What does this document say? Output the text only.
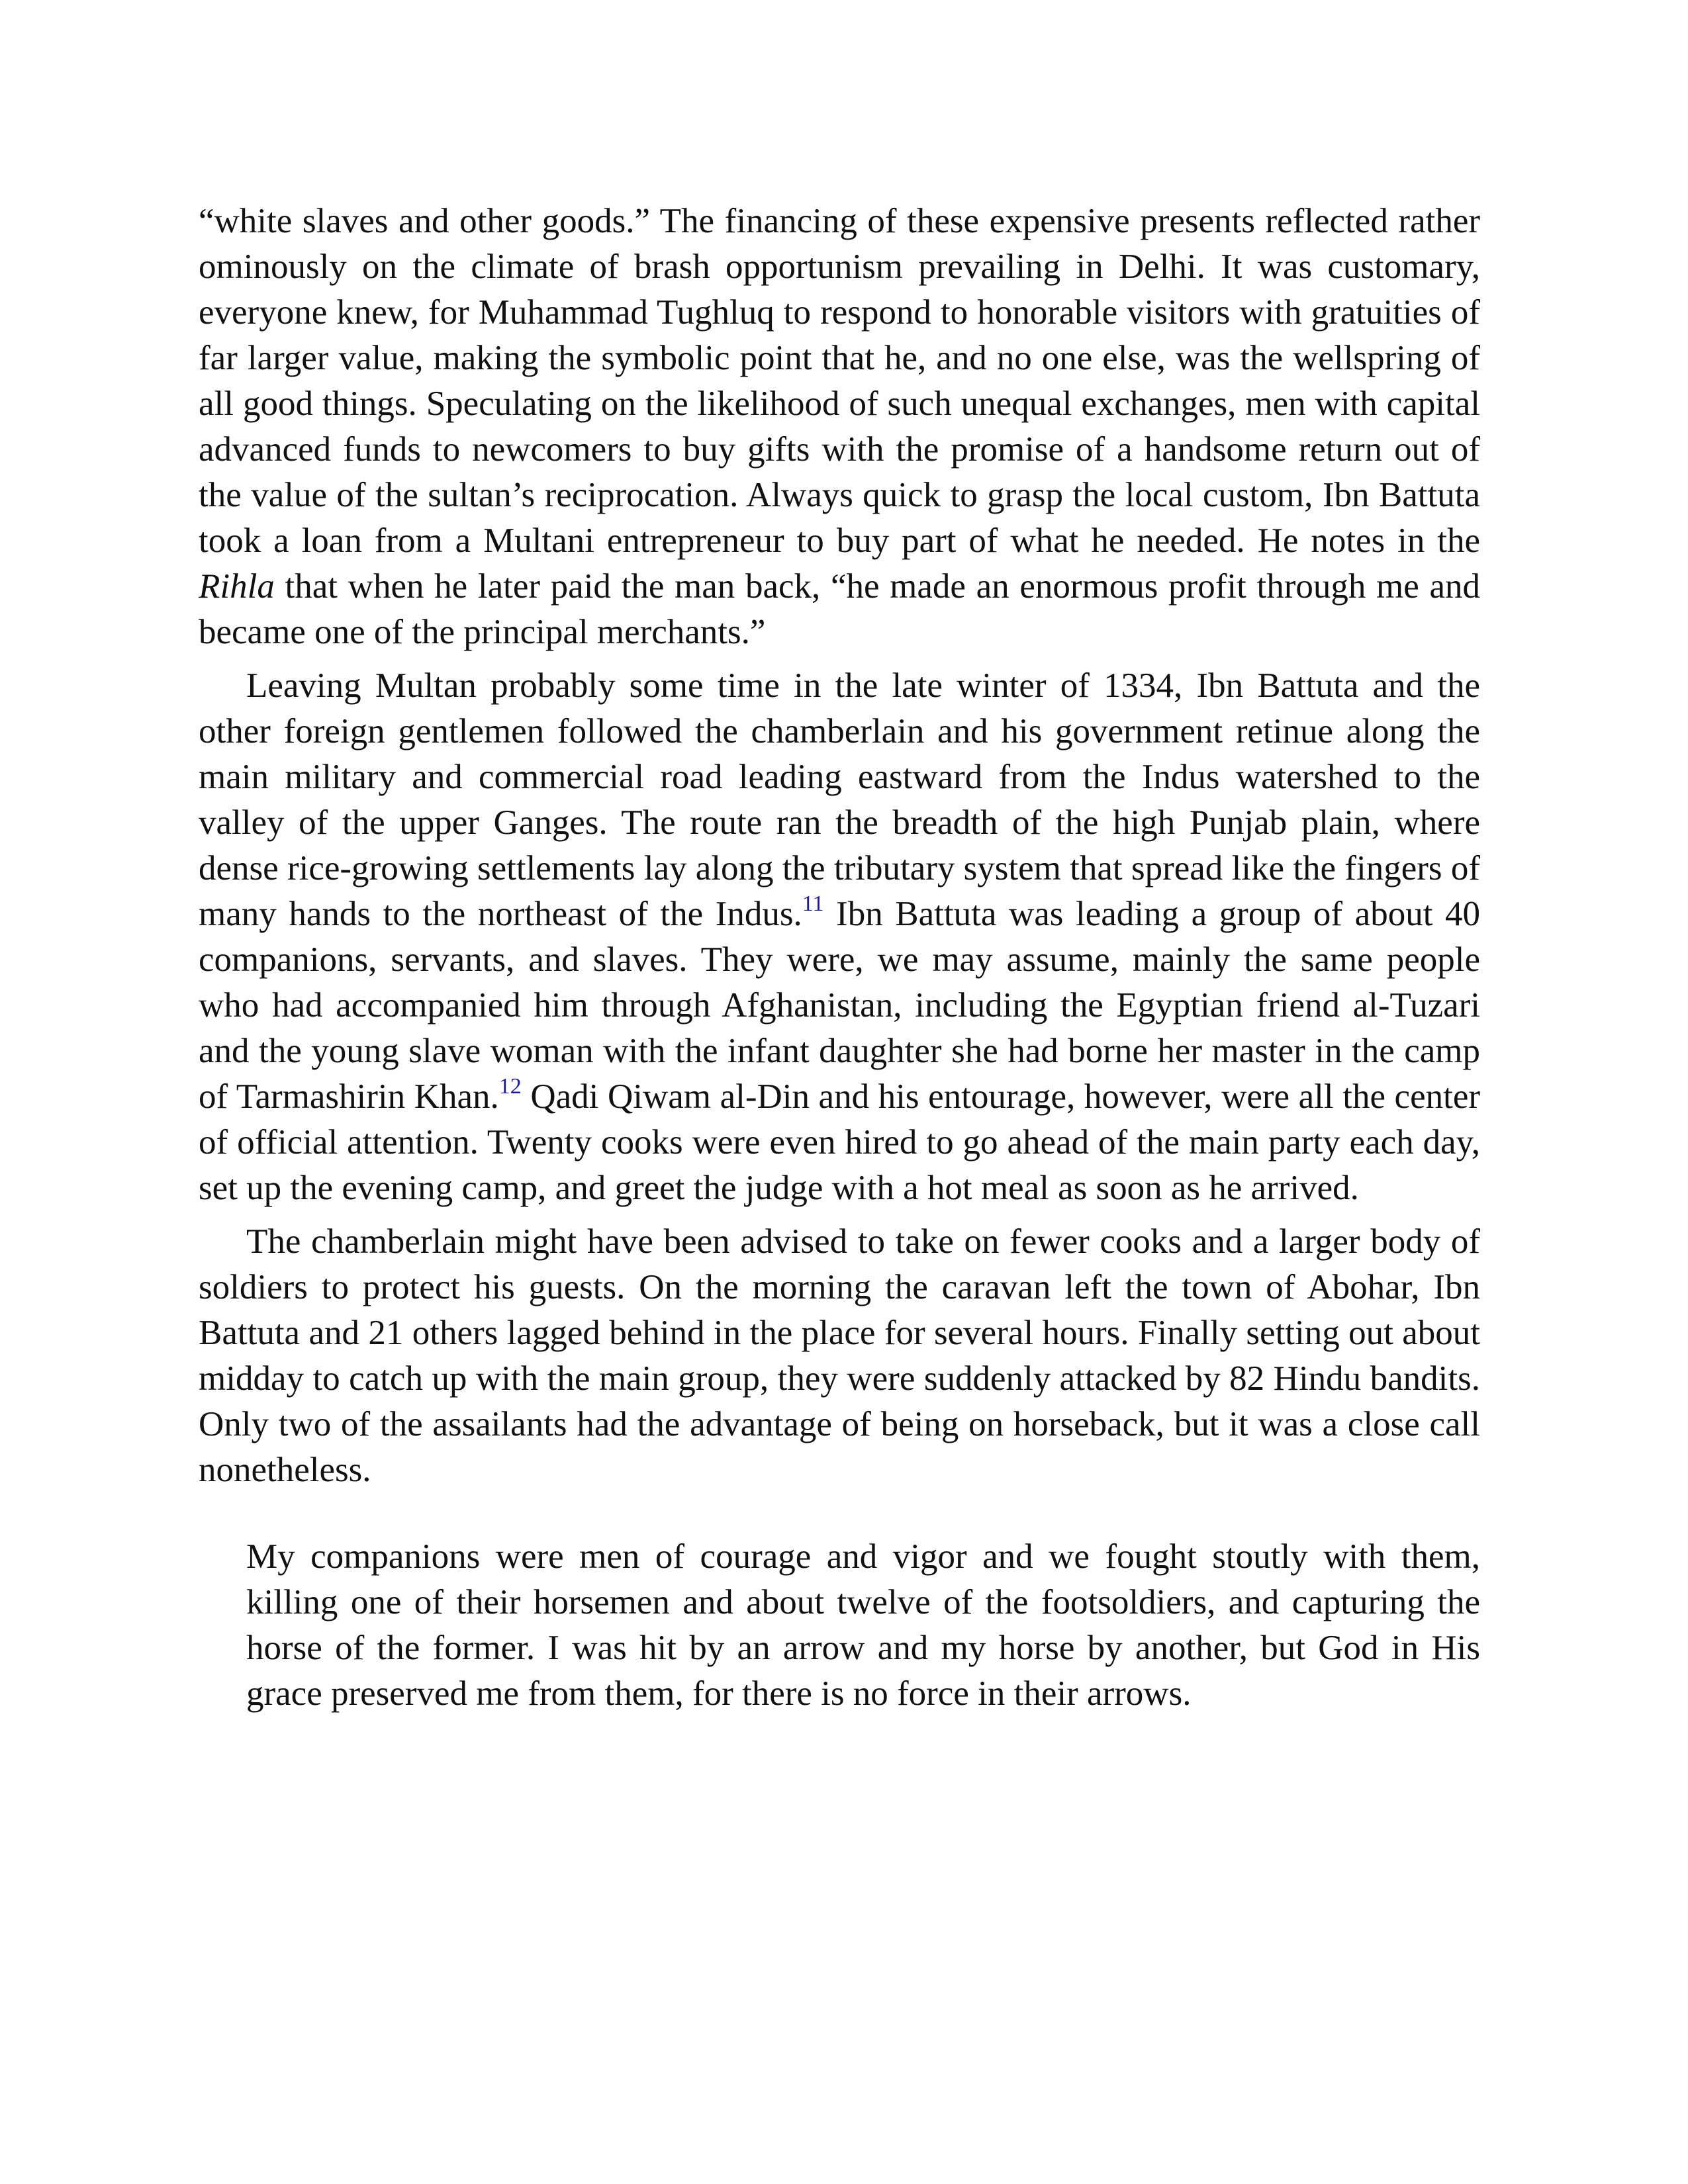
“white slaves and other goods.” The financing of these expensive presents reflected rather ominously on the climate of brash opportunism prevailing in Delhi. It was customary, everyone knew, for Muhammad Tughluq to respond to honorable visitors with gratuities of far larger value, making the symbolic point that he, and no one else, was the wellspring of all good things. Speculating on the likelihood of such unequal exchanges, men with capital advanced funds to newcomers to buy gifts with the promise of a handsome return out of the value of the sultan’s reciprocation. Always quick to grasp the local custom, Ibn Battuta took a loan from a Multani entrepreneur to buy part of what he needed. He notes in the Rihla that when he later paid the man back, “he made an enormous profit through me and became one of the principal merchants.”

Leaving Multan probably some time in the late winter of 1334, Ibn Battuta and the other foreign gentlemen followed the chamberlain and his government retinue along the main military and commercial road leading eastward from the Indus watershed to the valley of the upper Ganges. The route ran the breadth of the high Punjab plain, where dense rice-growing settlements lay along the tributary system that spread like the fingers of many hands to the northeast of the Indus.$^{11}$ Ibn Battuta was leading a group of about 40 companions, servants, and slaves. They were, we may assume, mainly the same people who had accompanied him through Afghanistan, including the Egyptian friend al-Tuzari and the young slave woman with the infant daughter she had borne her master in the camp of Tarmashirin Khan.$^{12}$ Qadi Qiwam al-Din and his entourage, however, were all the center of official attention. Twenty cooks were even hired to go ahead of the main party each day, set up the evening camp, and greet the judge with a hot meal as soon as he arrived.

The chamberlain might have been advised to take on fewer cooks and a larger body of soldiers to protect his guests. On the morning the caravan left the town of Abohar, Ibn Battuta and 21 others lagged behind in the place for several hours. Finally setting out about midday to catch up with the main group, they were suddenly attacked by 82 Hindu bandits. Only two of the assailants had the advantage of being on horseback, but it was a close call nonetheless.

My companions were men of courage and vigor and we fought stoutly with them, killing one of their horsemen and about twelve of the footsoldiers, and capturing the horse of the former. I was hit by an arrow and my horse by another, but God in His grace preserved me from them, for there is no force in their arrows.
